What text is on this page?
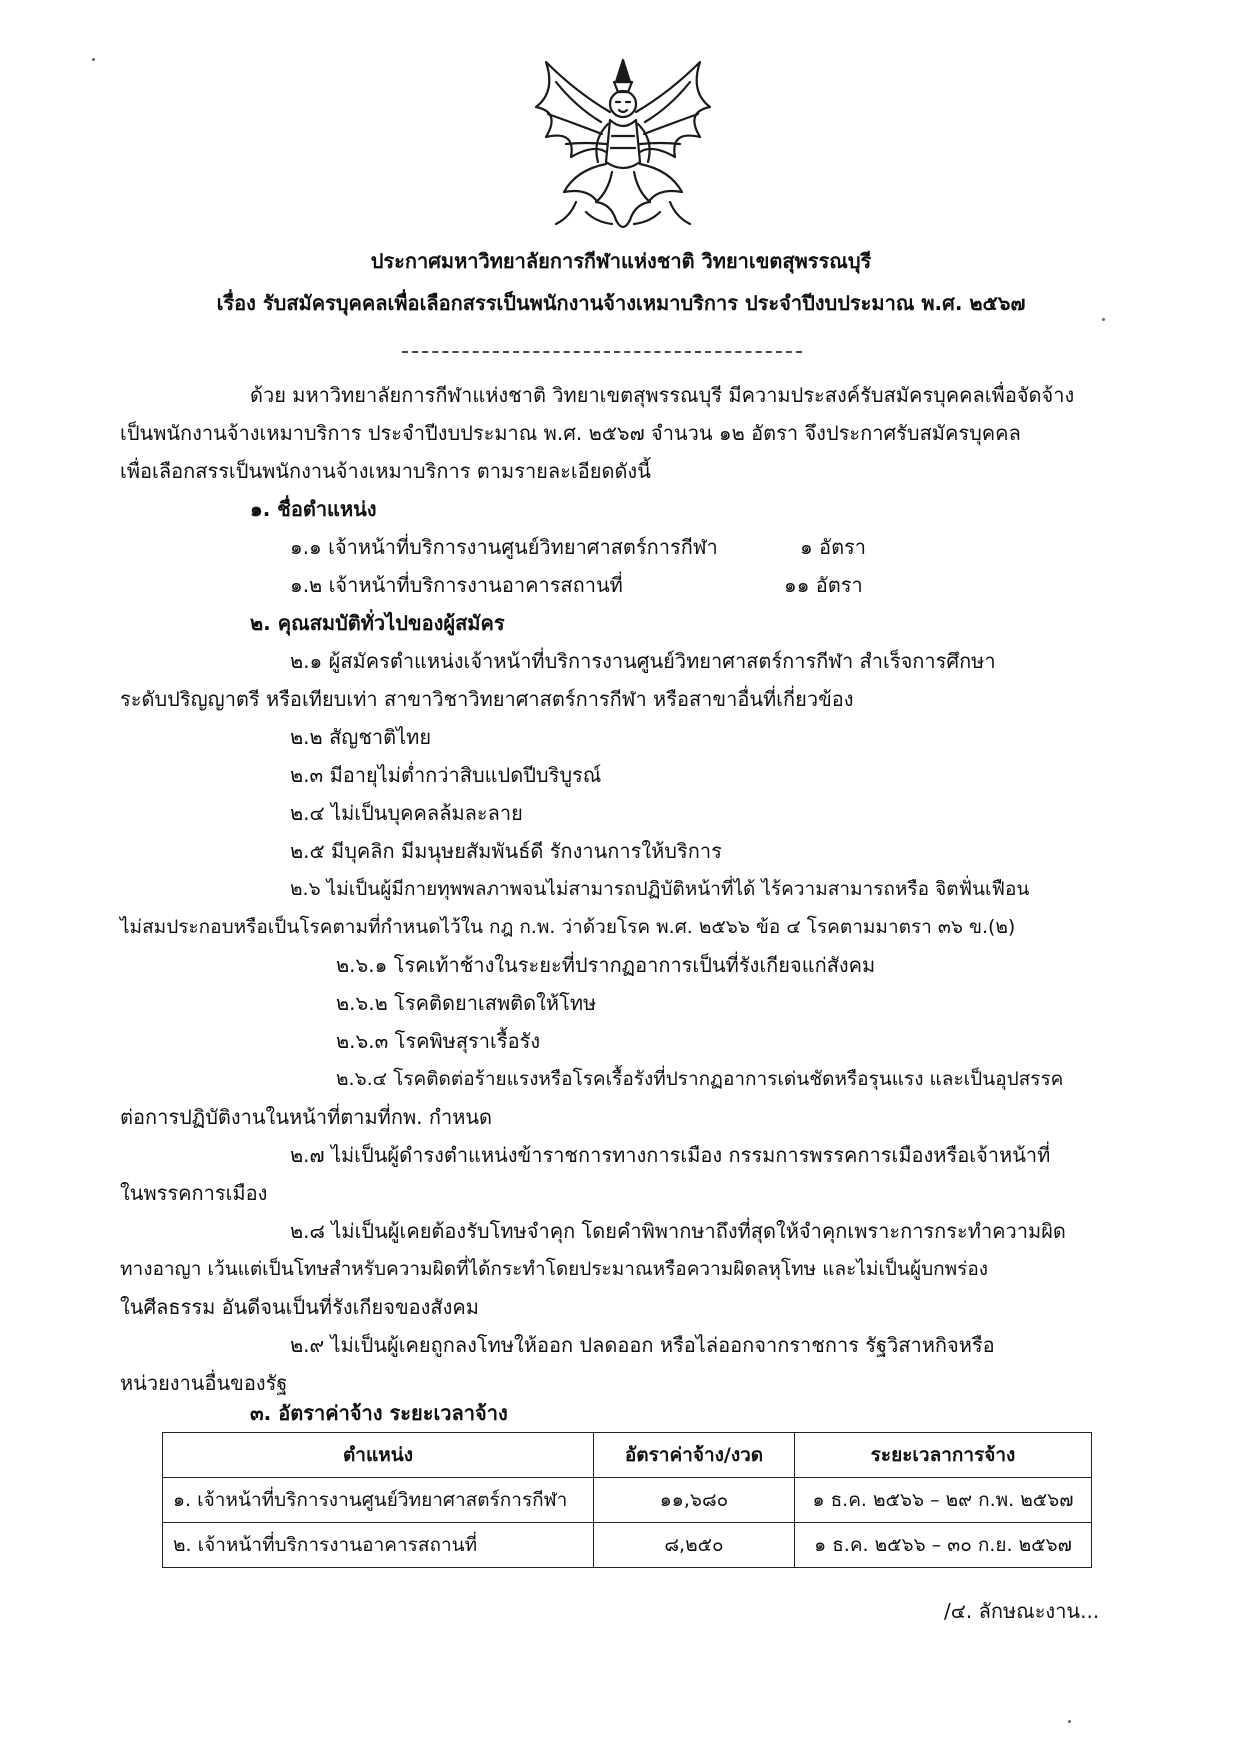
ประกาศมหาวิทยาลัยการกีฬาแห่งชาติ วิทยาเขตสุพรรณบุรี
เรื่อง รับสมัครบุคคลเพื่อเลือกสรรเป็นพนักงานจ้างเหมาบริการ ประจำปีงบประมาณ พ.ศ. ๒๕๖๗
ด้วย มหาวิทยาลัยการกีฬาแห่งชาติ วิทยาเขตสุพรรณบุรี มีความประสงค์รับสมัครบุคคลเพื่อจัดจ้าง
เป็นพนักงานจ้างเหมาบริการ ประจำปีงบประมาณ พ.ศ. ๒๕๖๗ จำนวน ๑๒ อัตรา จึงประกาศรับสมัครบุคคล
เพื่อเลือกสรรเป็นพนักงานจ้างเหมาบริการ ตามรายละเอียดดังนี้
๑. ชื่อตำแหน่ง
๑.๑ เจ้าหน้าที่บริการงานศูนย์วิทยาศาสตร์การกีฬา	๑ อัตรา
๑.๒ เจ้าหน้าที่บริการงานอาคารสถานที่	๑๑ อัตรา
๒. คุณสมบัติทั่วไปของผู้สมัคร
๒.๑ ผู้สมัครตำแหน่งเจ้าหน้าที่บริการงานศูนย์วิทยาศาสตร์การกีฬา สำเร็จการศึกษา
ระดับปริญญาตรี หรือเทียบเท่า สาขาวิชาวิทยาศาสตร์การกีฬา หรือสาขาอื่นที่เกี่ยวข้อง
๒.๒ สัญชาติไทย
๒.๓ มีอายุไม่ต่ำกว่าสิบแปดปีบริบูรณ์
๒.๔ ไม่เป็นบุคคลล้มละลาย
๒.๕ มีบุคลิก มีมนุษยสัมพันธ์ดี รักงานการให้บริการ
๒.๖ ไม่เป็นผู้มีกายทุพพลภาพจนไม่สามารถปฏิบัติหน้าที่ได้ ไร้ความสามารถหรือ จิตฟั่นเฟือน
ไม่สมประกอบหรือเป็นโรคตามที่กำหนดไว้ใน กฎ ก.พ. ว่าด้วยโรค พ.ศ. ๒๕๖๖ ข้อ ๔ โรคตามมาตรา ๓๖ ข.(๒)
๒.๖.๑ โรคเท้าช้างในระยะที่ปรากฏอาการเป็นที่รังเกียจแก่สังคม
๒.๖.๒ โรคติดยาเสพติดให้โทษ
๒.๖.๓ โรคพิษสุราเรื้อรัง
๒.๖.๔ โรคติดต่อร้ายแรงหรือโรคเรื้อรังที่ปรากฏอาการเด่นชัดหรือรุนแรง และเป็นอุปสรรค
ต่อการปฏิบัติงานในหน้าที่ตามที่กพ. กำหนด
๒.๗ ไม่เป็นผู้ดำรงตำแหน่งข้าราชการทางการเมือง กรรมการพรรคการเมืองหรือเจ้าหน้าที่
ในพรรคการเมือง
๒.๘ ไม่เป็นผู้เคยต้องรับโทษจำคุก โดยคำพิพากษาถึงที่สุดให้จำคุกเพราะการกระทำความผิด
ทางอาญา เว้นแต่เป็นโทษสำหรับความผิดที่ได้กระทำโดยประมาณหรือความผิดลหุโทษ และไม่เป็นผู้บกพร่อง
ในศีลธรรม อันดีจนเป็นที่รังเกียจของสังคม
๒.๙ ไม่เป็นผู้เคยถูกลงโทษให้ออก ปลดออก หรือไล่ออกจากราชการ รัฐวิสาหกิจหรือ
หน่วยงานอื่นของรัฐ
๓. อัตราค่าจ้าง ระยะเวลาจ้าง
ตำแหน่ง	อัตราค่าจ้าง/งวด	ระยะเวลาการจ้าง
๑. เจ้าหน้าที่บริการงานศูนย์วิทยาศาสตร์การกีฬา	๑๑,๖๘๐	๑ ธ.ค. ๒๕๖๖ – ๒๙ ก.พ. ๒๕๖๗
๒. เจ้าหน้าที่บริการงานอาคารสถานที่	๘,๒๕๐	๑ ธ.ค. ๒๕๖๖ – ๓๐ ก.ย. ๒๕๖๗
/๔. ลักษณะงาน...
